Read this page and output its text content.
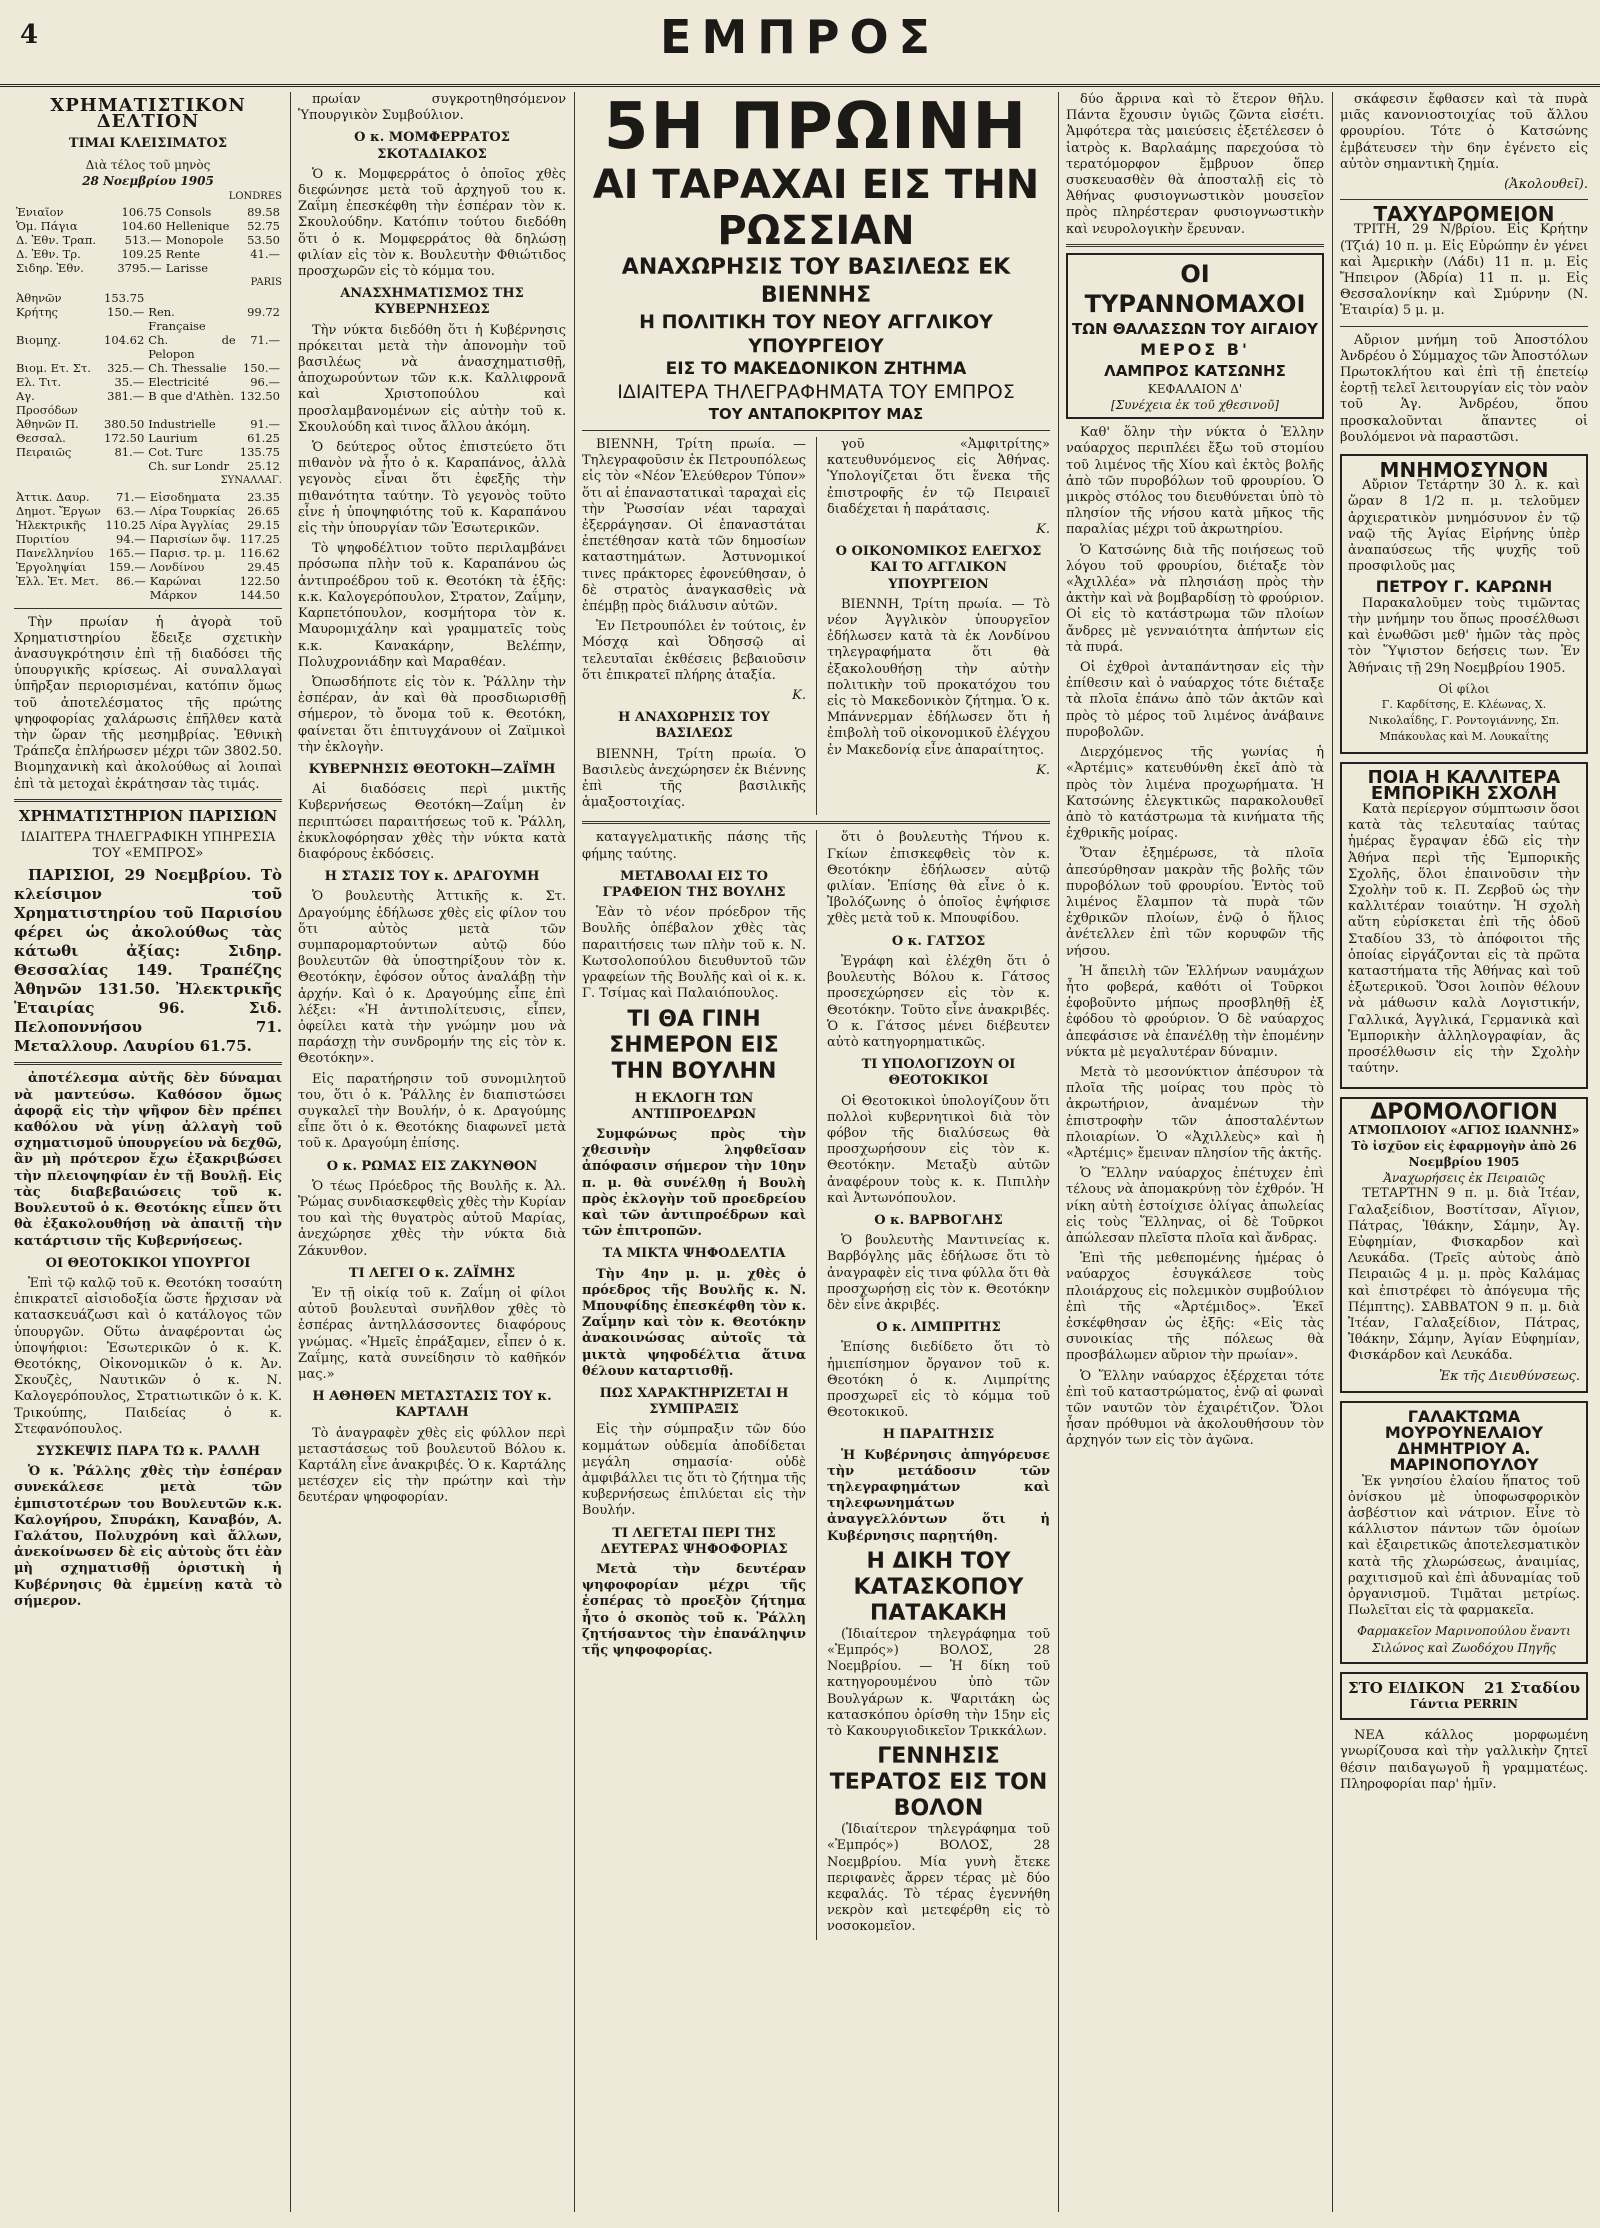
4	ΕΜΠΡΟΣ
ΧΡΗΜΑΤΙΣΤΙΚΟΝ ΔΕΛΤΙΟΝ
ΤΙΜΑΙ ΚΛΕΙΣΙΜΑΤΟΣ
Διὰ τέλος τοῦ μηνὸς
28 Νοεμβρίου 1905
LONDRES
Ἐνιαῖον	106.75	Consols	89.58
Ὁμ. Πάγια	104.60	Hellenique	52.75
Δ. Ἐθν. Τραπ.	513.—	Monopole	53.50
Δ. Ἐθν. Τρ.	109.25	Rente	41.—
Σιδηρ. Ἐθν.	3795.—	Larisse	
PARIS
Ἀθηνῶν	153.75		
Κρήτης	150.—	Ren. Française	99.72
Βιομηχ.	104.62	Ch. de Pelopon	71.—
Βιομ. Ετ. Στ.	325.—	Ch. Thessalie	150.—
Ελ. Τιτ.	35.—	Electricité	96.—
Αγ. Προσόδων	381.—	B que d'Athèn.	132.50
Ἀθηνῶν Π.	380.50	Industrielle	91.—
Θεσσαλ.	172.50	Laurium	61.25
Πειραιῶς	81.—	Cot. Turc	135.75
		Ch. sur Londr	25.12
ΣΥΝΑΛΛΑΓ.
Ἀττικ. Δαυρ.	71.—	Εἰσοδηματα	23.35
Δημοτ. Ἔργων	63.—	Λίρα Τουρκίας	26.65
Ἠλεκτρικῆς	110.25	Λίρα Ἀγγλίας	29.15
Πυριτίου	94.—	Παρισίων ὄψ.	117.25
Πανελληνίου	165.—	Παρισ. τρ. μ.	116.62
Ἐργοληψίαι	159.—	Λονδίνου	29.45
Ἐλλ. Ἐτ. Μετ.	86.—	Καρώναι	122.50
		Μάρκον	144.50

Τὴν πρωίαν ἡ ἀγορὰ τοῦ Χρηματιστηρίου ἔδειξε σχετικὴν ἀνασυγκρότησιν ἐπὶ τῇ διαδόσει τῆς ὑπουργικῆς κρίσεως. Αἱ συναλλαγαὶ ὑπῆρξαν περιορισμέναι, κατόπιν ὅμως τοῦ ἀποτελέσματος τῆς πρώτης ψηφοφορίας χαλάρωσις ἐπῆλθεν κατὰ τὴν ὥραν τῆς μεσημβρίας. Ἐθνικὴ Τράπεζα ἐπλήρωσεν μέχρι τῶν 3802.50. Βιομηχανικὴ καὶ ἀκολούθως αἱ λοιπαὶ ἐπὶ τὰ μετοχαὶ ἐκράτησαν τὰς τιμάς.

ΧΡΗΜΑΤΙΣΤΗΡΙΟΝ ΠΑΡΙΣΙΩΝ
ΙΔΙΑΙΤΕΡΑ ΤΗΛΕΓΡΑΦΙΚΗ ΥΠΗΡΕΣΙΑ ΤΟΥ «ΕΜΠΡΟΣ»

ΠΑΡΙΣΙΟΙ, 29 Νοεμβρίου. Τὸ κλείσιμον τοῦ Χρηματιστηρίου τοῦ Παρισίου φέρει ὡς ἀκολούθως τὰς κάτωθι ἀξίας: Σιδηρ. Θεσσαλίας 149. Τραπέζης Ἀθηνῶν 131.50. Ἠλεκτρικῆς Ἑταιρίας 96. Σιδ. Πελοποννήσου 71. Μεταλλουρ. Λαυρίου 61.75.

ἀποτέλεσμα αὐτῆς δὲν δύναμαι νὰ μαντεύσω. Καθόσον ὅμως ἀφορᾷ εἰς τὴν ψῆφον δὲν πρέπει καθόλου νὰ γίνῃ ἀλλαγὴ τοῦ σχηματισμοῦ ὑπουργείου νὰ δεχθῶ, ἂν μὴ πρότερον ἔχω ἐξακριβώσει τὴν πλειοψηφίαν ἐν τῇ Βουλῇ. Εἰς τὰς διαβεβαιώσεις τοῦ κ. Βουλευτοῦ ὁ κ. Θεοτόκης εἶπεν ὅτι θὰ ἐξακολουθήσῃ νὰ ἀπαιτῇ τὴν κατάρτισιν τῆς Κυβερνήσεως.

ΟΙ ΘΕΟΤΟΚΙΚΟΙ ΥΠΟΥΡΓΟΙ

Ἐπὶ τῷ καλῷ τοῦ κ. Θεοτόκη τοσαύτη ἐπικρατεῖ αἰσιοδοξία ὥστε ἤρχισαν νὰ κατασκευάζωσι καὶ ὁ κατάλογος τῶν ὑπουργῶν. Οὕτω ἀναφέρονται ὡς ὑποψήφιοι: Ἐσωτερικῶν ὁ κ. Κ. Θεοτόκης, Οἰκονομικῶν ὁ κ. Ἀν. Σκουζὲς, Ναυτικῶν ὁ κ. Ν. Καλογερόπουλος, Στρατιωτικῶν ὁ κ. Κ. Τρικούπης, Παιδείας ὁ κ. Στεφανόπουλος.

ΣΥΣΚΕΨΙΣ ΠΑΡΑ ΤΩ κ. ΡΑΛΛΗ

Ὁ κ. Ῥάλλης χθὲς τὴν ἑσπέραν συνεκάλεσε μετὰ τῶν ἐμπιστοτέρων του Βουλευτῶν κ.κ. Καλογήρου, Σπυράκη, Καναβόν, Α. Γαλάτου, Πολυχρόνη καὶ ἄλλων, ἀνεκοίνωσεν δὲ εἰς αὐτοὺς ὅτι ἐὰν μὴ σχηματισθῇ ὁριστικὴ ἡ Κυβέρνησις θὰ ἐμμείνῃ κατὰ τὸ σήμερον.

πρωίαν συγκροτηθησόμενον Ὑπουργικὸν Συμβούλιον.

Ο κ. ΜΟΜΦΕΡΡΑΤΟΣ ΣΚΟΤΑΔΙΑΚΟΣ

Ὁ κ. Μομφερράτος ὁ ὁποῖος χθὲς διεφώνησε μετὰ τοῦ ἀρχηγοῦ του κ. Ζαΐμη ἐπεσκέφθη τὴν ἑσπέραν τὸν κ. Σκουλούδην. Κατόπιν τούτου διεδόθη ὅτι ὁ κ. Μομφερράτος θὰ δηλώσῃ φιλίαν εἰς τὸν κ. Βουλευτὴν Φθιώτιδος προσχωρῶν εἰς τὸ κόμμα του.

ΑΝΑΣΧΗΜΑΤΙΣΜΟΣ ΤΗΣ ΚΥΒΕΡΝΗΣΕΩΣ

Τὴν νύκτα διεδόθη ὅτι ἡ Κυβέρνησις πρόκειται μετὰ τὴν ἀπονομὴν τοῦ βασιλέως νὰ ἀνασχηματισθῇ, ἀποχωρούντων τῶν κ.κ. Καλλιφρονᾶ καὶ Χριστοπούλου καὶ προσλαμβανομένων εἰς αὐτὴν τοῦ κ. Σκουλούδη καὶ τινος ἄλλου ἀκόμη.

Ὁ δεύτερος οὗτος ἐπιστεύετο ὅτι πιθανὸν νὰ ἦτο ὁ κ. Καραπάνος, ἀλλὰ γεγονὸς εἶναι ὅτι ἐφεξῆς τὴν πιθανότητα ταύτην. Τὸ γεγονὸς τοῦτο εἶνε ἡ ὑποψηφιότης τοῦ κ. Καραπάνου εἰς τὴν ὑπουργίαν τῶν Ἐσωτερικῶν.

Τὸ ψηφοδέλτιον τοῦτο περιλαμβάνει πρόσωπα πλὴν τοῦ κ. Καραπάνου ὡς ἀντιπροέδρου τοῦ κ. Θεοτόκη τὰ ἑξῆς: κ.κ. Καλογερόπουλον, Στρατον, Ζαΐμην, Καρπετόπουλον, κοσμήτορα τὸν κ. Μαυρομιχάλην καὶ γραμματεῖς τοὺς κ.κ. Κανακάρην, Βελέπην, Πολυχρονιάδην καὶ Μαραθέαν.

Ὀπωσδήποτε εἰς τὸν κ. Ῥάλλην τὴν ἑσπέραν, ἀν καὶ θὰ προσδιωρισθῇ σήμερον, τὸ ὄνομα τοῦ κ. Θεοτόκη, φαίνεται ὅτι ἐπιτυγχάνουν οἱ Ζαϊμικοὶ τὴν ἐκλογὴν.

ΚΥΒΕΡΝΗΣΙΣ ΘΕΟΤΟΚΗ—ΖΑΪΜΗ

Αἱ διαδόσεις περὶ μικτῆς Κυβερνήσεως Θεοτόκη—Ζαΐμη ἐν περιπτώσει παραιτήσεως τοῦ κ. Ῥάλλη, ἐκυκλοφόρησαν χθὲς τὴν νύκτα κατὰ διαφόρους ἐκδόσεις.

Η ΣΤΑΣΙΣ ΤΟΥ κ. ΔΡΑΓΟΥΜΗ

Ὁ βουλευτὴς Ἀττικῆς κ. Στ. Δραγούμης ἐδήλωσε χθὲς εἰς φίλον του ὅτι αὐτὸς μετὰ τῶν συμπαρομαρτούντων αὐτῷ δύο βουλευτῶν θὰ ὑποστηρίξουν τὸν κ. Θεοτόκην, ἐφόσον οὗτος ἀναλάβῃ τὴν ἀρχήν. Καὶ ὁ κ. Δραγούμης εἶπε ἐπὶ λέξει: «Ἡ ἀντιπολίτευσις, εἶπεν, ὀφείλει κατὰ τὴν γνώμην μου νὰ παράσχῃ τὴν συνδρομήν της εἰς τὸν κ. Θεοτόκην».

Εἰς παρατήρησιν τοῦ συνομιλητοῦ του, ὅτι ὁ κ. Ῥάλλης ἐν διαπιστώσει συγκαλεῖ τὴν Βουλήν, ὁ κ. Δραγούμης εἶπε ὅτι ὁ κ. Θεοτόκης διαφωνεῖ μετὰ τοῦ κ. Δραγούμη ἐπίσης.

Ο κ. ΡΩΜΑΣ ΕΙΣ ΖΑΚΥΝΘΟΝ

Ὁ τέως Πρόεδρος τῆς Βουλῆς κ. Ἀλ. Ῥώμας συνδιασκεφθεὶς χθὲς τὴν Κυρίαν του καὶ τὴς θυγατρὸς αὐτοῦ Μαρίας, ἀνεχώρησε χθὲς τὴν νύκτα διὰ Ζάκυνθον.

ΤΙ ΛΕΓΕΙ Ο κ. ΖΑΪΜΗΣ

Ἐν τῇ οἰκίᾳ τοῦ κ. Ζαΐμη οἱ φίλοι αὐτοῦ βουλευταὶ συνῆλθον χθὲς τὸ ἑσπέρας ἀντηλλάσσοντες διαφόρους γνώμας. «Ἡμεῖς ἐπράξαμεν, εἶπεν ὁ κ. Ζαΐμης, κατὰ συνείδησιν τὸ καθῆκόν μας.»

Η ΑΘΗΘΕΝ ΜΕΤΑΣΤΑΣΙΣ ΤΟΥ κ. ΚΑΡΤΑΛΗ

Τὸ ἀναγραφὲν χθὲς εἰς φύλλον περὶ μεταστάσεως τοῦ βουλευτοῦ Βόλου κ. Καρτάλη εἶνε ἀνακριβές. Ὁ κ. Καρτάλης μετέσχεν εἰς τὴν πρώτην καὶ τὴν δευτέραν ψηφοφορίαν.

5Η ΠΡΩΙΝΗ
ΑΙ ΤΑΡΑΧΑΙ ΕΙΣ ΤΗΝ ΡΩΣΣΙΑΝ
ΑΝΑΧΩΡΗΣΙΣ ΤΟΥ ΒΑΣΙΛΕΩΣ ΕΚ ΒΙΕΝΝΗΣ
Η ΠΟΛΙΤΙΚΗ ΤΟΥ ΝΕΟΥ ΑΓΓΛΙΚΟΥ ΥΠΟΥΡΓΕΙΟΥ
ΕΙΣ ΤΟ ΜΑΚΕΔΟΝΙΚΟΝ ΖΗΤΗΜΑ
ΙΔΙΑΙΤΕΡΑ ΤΗΛΕΓΡΑΦΗΜΑΤΑ ΤΟΥ ΕΜΠΡΟΣ
ΤΟΥ ΑΝΤΑΠΟΚΡΙΤΟΥ ΜΑΣ

ΒΙΕΝΝΗ, Τρίτη πρωία. — Τηλεγραφοῦσιν ἐκ Πετρουπόλεως εἰς τὸν «Νέον Ἐλεύθερον Τύπον» ὅτι αἱ ἐπαναστατικαὶ ταραχαὶ εἰς τὴν Ῥωσσίαν νέαι ταραχαὶ ἐξερράγησαν. Οἱ ἐπαναστάται ἐπετέθησαν κατὰ τῶν δημοσίων καταστημάτων. Ἀστυνομικοί τινες πράκτορες ἐφονεύθησαν, ὁ δὲ στρατὸς ἀναγκασθεὶς νὰ ἐπέμβῃ πρὸς διάλυσιν αὐτῶν.

Ἐν Πετρουπόλει ἐν τούτοις, ἐν Μόσχᾳ καὶ Ὀδησσῷ αἱ τελευταῖαι ἐκθέσεις βεβαιοῦσιν ὅτι ἐπικρατεῖ πλήρης ἀταξία.

Κ.
Η ΑΝΑΧΩΡΗΣΙΣ ΤΟΥ ΒΑΣΙΛΕΩΣ

ΒΙΕΝΝΗ, Τρίτη πρωία. Ὁ Βασιλεὺς ἀνεχώρησεν ἐκ Βιέννης ἐπὶ τῆς βασιλικῆς ἁμαξοστοιχίας.

γοῦ «Ἀμφιτρίτης» κατευθυνόμενος εἰς Ἀθήνας. Ὑπολογίζεται ὅτι ἕνεκα τῆς ἐπιστροφῆς ἐν τῷ Πειραιεῖ διαδέχεται ἡ παράτασις.

Κ.
Ο ΟΙΚΟΝΟΜΙΚΟΣ ΕΛΕΓΧΟΣ ΚΑΙ ΤΟ ΑΓΓΛΙΚΟΝ ΥΠΟΥΡΓΕΙΟΝ

ΒΙΕΝΝΗ, Τρίτη πρωία. — Τὸ νέον Ἀγγλικὸν ὑπουργεῖον ἐδήλωσεν κατὰ τὰ ἐκ Λονδίνου τηλεγραφήματα ὅτι θὰ ἐξακολουθήσῃ τὴν αὐτὴν πολιτικὴν τοῦ προκατόχου του εἰς τὸ Μακεδονικὸν ζήτημα. Ὁ κ. Μπάννερμαν ἐδήλωσεν ὅτι ἡ ἐπιβολὴ τοῦ οἰκονομικοῦ ἐλέγχου ἐν Μακεδονίᾳ εἶνε ἀπαραίτητος.

Κ.

καταγγελματικῆς πάσης τῆς φήμης ταύτης.

ΜΕΤΑΒΟΛΑΙ ΕΙΣ ΤΟ ΓΡΑΦΕΙΟΝ ΤΗΣ ΒΟΥΛΗΣ

Ἐὰν τὸ νέον πρόεδρον τῆς Βουλῆς ὁπέβαλον χθὲς τὰς παραιτήσεις των πλὴν τοῦ κ. Ν. Κωτσολοπούλου διευθυντοῦ τῶν γραφείων τῆς Βουλῆς καὶ οἱ κ. κ. Γ. Τσίμας καὶ Παλαιόπουλος.

ΤΙ ΘΑ ΓΙΝΗ ΣΗΜΕΡΟΝ ΕΙΣ ΤΗΝ ΒΟΥΛΗΝ
Η ΕΚΛΟΓΗ ΤΩΝ ΑΝΤΙΠΡΟΕΔΡΩΝ

Συμφώνως πρὸς τὴν χθεσινὴν ληφθεῖσαν ἀπόφασιν σήμερον τὴν 10ην π. μ. θὰ συνέλθῃ ἡ Βουλὴ πρὸς ἐκλογὴν τοῦ προεδρείου καὶ τῶν ἀντιπροέδρων καὶ τῶν ἐπιτροπῶν.

ΤΑ ΜΙΚΤΑ ΨΗΦΟΔΕΛΤΙΑ

Τὴν 4ην μ. μ. χθὲς ὁ πρόεδρος τῆς Βουλῆς κ. Ν. Μπουφίδης ἐπεσκέφθη τὸν κ. Ζαΐμην καὶ τὸν κ. Θεοτόκην ἀνακοινώσας αὐτοῖς τὰ μικτὰ ψηφοδέλτια ἅτινα θέλουν καταρτισθῇ.

ΠΩΣ ΧΑΡΑΚΤΗΡΙΖΕΤΑΙ Η ΣΥΜΠΡΑΞΙΣ

Εἰς τὴν σύμπραξιν τῶν δύο κομμάτων οὐδεμία ἀποδίδεται μεγάλη σημασία· οὐδὲ ἀμφιβάλλει τις ὅτι τὸ ζήτημα τῆς κυβερνήσεως ἐπιλύεται εἰς τὴν Βουλήν.

ΤΙ ΛΕΓΕΤΑΙ ΠΕΡΙ ΤΗΣ ΔΕΥΤΕΡΑΣ ΨΗΦΟΦΟΡΙΑΣ

Μετὰ τὴν δευτέραν ψηφοφορίαν μέχρι τῆς ἑσπέρας τὸ προεξὸν ζήτημα ἦτο ὁ σκοπὸς τοῦ κ. Ῥάλλη ζητήσαντος τὴν ἐπανάληψιν τῆς ψηφοφορίας.

ὅτι ὁ βουλευτὴς Τήνου κ. Γκίων ἐπισκεφθεὶς τὸν κ. Θεοτόκην ἐδήλωσεν αὐτῷ φιλίαν. Ἐπίσης θὰ εἶνε ὁ κ. Ἰβολόζωνης ὁ ὁποῖος ἐψήφισε χθὲς μετὰ τοῦ κ. Μπουφίδου.

Ο κ. ΓΑΤΣΟΣ

Ἐγράφη καὶ ἐλέχθη ὅτι ὁ βουλευτὴς Βόλου κ. Γάτσος προσεχώρησεν εἰς τὸν κ. Θεοτόκην. Τοῦτο εἶνε ἀνακριβές. Ὁ κ. Γάτσος μένει διέβευτεν αὐτὸ κατηγορηματικῶς.

ΤΙ ΥΠΟΛΟΓΙΖΟΥΝ ΟΙ ΘΕΟΤΟΚΙΚΟΙ

Οἱ Θεοτοκικοὶ ὑπολογίζουν ὅτι πολλοὶ κυβερνητικοὶ διὰ τὸν φόβον τῆς διαλύσεως θὰ προσχωρήσουν εἰς τὸν κ. Θεοτόκην. Μεταξὺ αὐτῶν ἀναφέρουν τοὺς κ. κ. Πιπιλὴν καὶ Ἀντωνόπουλον.

Ο κ. ΒΑΡΒΟΓΛΗΣ

Ὁ βουλευτὴς Μαντινείας κ. Βαρβόγλης μᾶς ἐδήλωσε ὅτι τὸ ἀναγραφὲν εἰς τινα φύλλα ὅτι θὰ προσχωρήσῃ εἰς τὸν κ. Θεοτόκην δὲν εἶνε ἀκριβές.

Ο κ. ΛΙΜΠΡΙΤΗΣ

Ἐπίσης διεδίδετο ὅτι τὸ ἡμιεπίσημον ὄργανον τοῦ κ. Θεοτόκη ὁ κ. Λιμπρίτης προσχωρεῖ εἰς τὸ κόμμα τοῦ Θεοτοκικοῦ.

Η ΠΑΡΑΙΤΗΣΙΣ

Ἡ Κυβέρνησις ἀπηγόρευσε τὴν μετάδοσιν τῶν τηλεγραφημάτων καὶ τηλεφωνημάτων ἀναγγελλόντων ὅτι ἡ Κυβέρνησις παρῃτήθη.

Η ΔΙΚΗ ΤΟΥ ΚΑΤΑΣΚΟΠΟΥ ΠΑΤΑΚΑΚΗ

(Ἰδιαίτερον τηλεγράφημα τοῦ «Ἐμπρός») ΒΟΛΟΣ, 28 Νοεμβρίου. — Ἡ δίκη τοῦ κατηγορουμένου ὑπὸ τῶν Βουλγάρων κ. Ψαριτάκη ὡς κατασκόπου ὁρίσθη τὴν 15ην εἰς τὸ Κακουργιοδικεῖον Τρικκάλων.

ΓΕΝΝΗΣΙΣ ΤΕΡΑΤΟΣ ΕΙΣ ΤΟΝ ΒΟΛΟΝ

(Ἰδιαίτερον τηλεγράφημα τοῦ «Ἐμπρός») ΒΟΛΟΣ, 28 Νοεμβρίου. Μία γυνὴ ἔτεκε περιφανὲς ἄρρεν τέρας μὲ δύο κεφαλάς. Τὸ τέρας ἐγεννήθη νεκρὸν καὶ μετεφέρθη εἰς τὸ νοσοκομεῖον.

δύο ἄρρινα καὶ τὸ ἕτερον θῆλυ. Πάντα ἔχουσιν ὑγιῶς ζῶντα εἰσέτι. Ἀμφότερα τὰς μαιεύσεις ἐξετέλεσεν ὁ ἰατρὸς κ. Βαρλαάμης παρεχούσα τὸ τερατόμορφον ἔμβρυον ὅπερ συσκευασθὲν θὰ ἀποσταλῇ εἰς τὸ Ἀθήνας φυσιογνωστικὸν μουσεῖον πρὸς πληρέστεραν φυσιογνωστικὴν καὶ νευρολογικὴν ἔρευναν.

ΟΙ ΤΥΡΑΝΝΟΜΑΧΟΙ
ΤΩΝ ΘΑΛΑΣΣΩΝ ΤΟΥ ΑΙΓΑΙΟΥ
ΜΕΡΟΣ Β'
ΛΑΜΠΡΟΣ ΚΑΤΣΩΝΗΣ
ΚΕΦΑΛΑΙΟΝ Δ'
[Συνέχεια ἐκ τοῦ χθεσινοῦ]

Καθ' ὅλην τὴν νύκτα ὁ Ἑλλην ναύαρχος περιπλέει ἔξω τοῦ στομίου τοῦ λιμένος τῆς Χίου καὶ ἐκτὸς βολῆς ἀπὸ τῶν πυροβόλων τοῦ φρουρίου. Ὁ μικρὸς στόλος του διευθύνεται ὑπὸ τὸ πλησίον τῆς νήσου κατὰ μῆκος τῆς παραλίας μέχρι τοῦ ἀκρωτηρίου.

Ὁ Κατσώνης διὰ τῆς ποιήσεως τοῦ λόγου τοῦ φρουρίου, διέταξε τὸν «Ἀχιλλέα» νὰ πλησιάσῃ πρὸς τὴν ἀκτὴν καὶ νὰ βομβαρδίσῃ τὸ φρούριον. Οἱ εἰς τὸ κατάστρωμα τῶν πλοίων ἄνδρες μὲ γενναιότητα ἀπήντων εἰς τὰ πυρά.

Οἱ ἐχθροὶ ἀνταπάντησαν εἰς τὴν ἐπίθεσιν καὶ ὁ ναύαρχος τότε διέταξε τὰ πλοῖα ἐπάνω ἀπὸ τῶν ἀκτῶν καὶ πρὸς τὸ μέρος τοῦ λιμένος ἀνάβαινε πυροβολῶν.

Διερχόμενος τῆς γωνίας ἡ «Ἀρτέμις» κατευθύνθη ἐκεῖ ἀπὸ τὰ πρὸς τὸν λιμένα προχωρήματα. Ἡ Κατσώνης ἐλεγκτικῶς παρακολουθεῖ ἀπὸ τὸ κατάστρωμα τὰ κινήματα τῆς ἐχθρικῆς μοίρας.

Ὅταν ἐξημέρωσε, τὰ πλοῖα ἀπεσύρθησαν μακρὰν τῆς βολῆς τῶν πυροβόλων τοῦ φρουρίου. Ἐντὸς τοῦ λιμένος ἔλαμπον τὰ πυρὰ τῶν ἐχθρικῶν πλοίων, ἐνῷ ὁ ἥλιος ἀνέτελλεν ἐπὶ τῶν κορυφῶν τῆς νήσου.

Ἡ ἄπειλὴ τῶν Ἑλλήνων ναυμάχων ἦτο φοβερά, καθότι οἱ Τοῦρκοι ἐφοβοῦντο μήπως προσβληθῇ ἐξ ἐφόδου τὸ φρούριον. Ὁ δὲ ναύαρχος ἀπεφάσισε νὰ ἐπανέλθῃ τὴν ἑπομένην νύκτα μὲ μεγαλυτέραν δύναμιν.

Μετὰ τὸ μεσονύκτιον ἀπέσυρον τὰ πλοῖα τῆς μοίρας του πρὸς τὸ ἀκρωτήριον, ἀναμένων τὴν ἐπιστροφὴν τῶν ἀποσταλέντων πλοιαρίων. Ὁ «Ἀχιλλεὺς» καὶ ἡ «Ἀρτέμις» ἔμειναν πλησίον τῆς ἀκτῆς.

Ὁ Ἕλλην ναύαρχος ἐπέτυχεν ἐπὶ τέλους νὰ ἀπομακρύνῃ τὸν ἐχθρόν. Ἡ νίκη αὐτὴ ἐστοίχισε ὀλίγας ἀπωλείας εἰς τοὺς Ἕλληνας, οἱ δὲ Τοῦρκοι ἀπώλεσαν πλεῖστα πλοῖα καὶ ἄνδρας.

Ἐπὶ τῆς μεθεπομένης ἡμέρας ὁ ναύαρχος ἐσυγκάλεσε τοὺς πλοιάρχους εἰς πολεμικὸν συμβούλιον ἐπὶ τῆς «Ἀρτέμιδος». Ἐκεῖ ἐσκέφθησαν ὡς ἑξῆς: «Εἰς τὰς συνοικίας τῆς πόλεως θὰ προσβάλωμεν αὔριον τὴν πρωίαν».

Ὁ Ἕλλην ναύαρχος ἐξέρχεται τότε ἐπὶ τοῦ καταστρώματος, ἐνῷ αἱ φωναὶ τῶν ναυτῶν τὸν ἐχαιρέτιζον. Ὅλοι ἦσαν πρόθυμοι νὰ ἀκολουθήσουν τὸν ἀρχηγόν των εἰς τὸν ἀγῶνα.

σκάφεσιν ἔφθασεν καὶ τὰ πυρὰ μιᾶς κανονιοστοιχίας τοῦ ἄλλου φρουρίου. Τότε ὁ Κατσώνης ἐμβάτευσεν τὴν 6ην ἐγένετο εἰς αὐτὸν σημαντικὴ ζημία.

(Ἀκολουθεῖ).
ΤΑΧΥΔΡΟΜΕΙΟΝ

ΤΡΙΤΗ, 29 Ν/βρίου. Εἰς Κρήτην (Τζιά) 10 π. μ. Εἰς Εὐρώπην ἐν γένει καὶ Ἀμερικὴν (Λάδι) 11 π. μ. Εἰς Ἤπειρον (Ἀδρία) 11 π. μ. Εἰς Θεσσαλονίκην καὶ Σμύρνην (Ν. Ἐταιρία) 5 μ. μ.

Αὔριον μνήμη τοῦ Ἀποστόλου Ἀνδρέου ὁ Σύμμαχος τῶν Ἀποστόλων Πρωτοκλήτου καὶ ἐπὶ τῇ ἐπετείῳ ἑορτῇ τελεῖ λειτουργίαν εἰς τὸν ναὸν τοῦ Ἁγ. Ἀνδρέου, ὅπου προσκαλοῦνται ἅπαντες οἱ βουλόμενοι νὰ παραστῶσι.

ΜΝΗΜΟΣΥΝΟΝ

Αὔριον Τετάρτην 30 λ. κ. καὶ ὥραν 8 1/2 π. μ. τελοῦμεν ἀρχιερατικὸν μνημόσυνον ἐν τῷ ναῷ τῆς Ἁγίας Εἰρήνης ὑπὲρ ἀναπαύσεως τῆς ψυχῆς τοῦ προσφιλοῦς μας

ΠΕΤΡΟΥ Γ. ΚΑΡΩΝΗ

Παρακαλοῦμεν τοὺς τιμῶντας τὴν μνήμην του ὅπως προσέλθωσι καὶ ἑνωθῶσι μεθ' ἡμῶν τὰς πρὸς τὸν Ὕψιστον δεήσεις των. Ἐν Ἀθήναις τῇ 29η Νοεμβρίου 1905.

Οἱ φίλοι
Γ. Καρδίτσης, Ε. Κλέωνας, Χ. Νικολαΐδης, Γ. Ροντογιάννης, Σπ. Μπάκουλας καὶ Μ. Λουκαΐτης
ΠΟΙΑ Η ΚΑΛΛΙΤΕΡΑ ΕΜΠΟΡΙΚΗ ΣΧΟΛΗ

Κατὰ περίεργον σύμπτωσιν ὅσοι κατὰ τὰς τελευταίας ταύτας ἡμέρας ἔγραψαν ἐδῶ εἰς τὴν Ἀθήνα περὶ τῆς Ἐμπορικῆς Σχολῆς, ὅλοι ἐπαινοῦσιν τὴν Σχολὴν τοῦ κ. Π. Ζερβοῦ ὡς τὴν καλλιτέραν τοιαύτην. Ἡ σχολὴ αὕτη εὐρίσκεται ἐπὶ τῆς ὁδοῦ Σταδίου 33, τὸ ἀπόφοιτοι τῆς ὁποίας εἰργάζονται εἰς τὰ πρῶτα καταστήματα τῆς Ἀθήνας καὶ τοῦ ἐξωτερικοῦ. Ὅσοι λοιπὸν θέλουν νὰ μάθωσιν καλὰ Λογιστικήν, Γαλλικά, Ἀγγλικά, Γερμανικὰ καὶ Ἐμπορικὴν ἀλληλογραφίαν, ἂς προσέλθωσιν εἰς τὴν Σχολὴν ταύτην.

ΔΡΟΜΟΛΟΓΙΟΝ
ΑΤΜΟΠΛΟΙΟΥ «ΑΓΙΟΣ ΙΩΑΝΝΗΣ»
Τὸ ἰσχῦον εἰς ἐφαρμογὴν ἀπὸ 26 Νοεμβρίου 1905
Ἀναχωρήσεις ἐκ Πειραιῶς

ΤΕΤΑΡΤΗΝ 9 π. μ. διὰ Ἰτέαν, Γαλαξείδιον, Βοστίτσαν, Αἴγιον, Πάτρας, Ἰθάκην, Σάμην, Ἀγ. Εὐφημίαν, Φισκαρδον καὶ Λευκάδα. (Τρεῖς αὐτοὺς ἀπὸ Πειραιῶς 4 μ. μ. πρὸς Καλάμας καὶ ἐπιστρέφει τὸ ἀπόγευμα τῆς Πέμπτης). ΣΑΒΒΑΤΟΝ 9 π. μ. διὰ Ἰτέαν, Γαλαξείδιον, Πάτρας, Ἰθάκην, Σάμην, Ἀγίαν Εὐφημίαν, Φισκάρδον καὶ Λευκάδα.

Ἐκ τῆς Διευθύνσεως.
ΓΑΛΑΚΤΩΜΑ ΜΟΥΡΟΥΝΕΛΑΙΟΥ ΔΗΜΗΤΡΙΟΥ Α. ΜΑΡΙΝΟΠΟΥΛΟΥ

Ἐκ γνησίου ἐλαίου ἥπατος τοῦ ὀνίσκου μὲ ὑποφωσφορικὸν ἀσβέστιον καὶ νάτριον. Εἶνε τὸ κάλλιστον πάντων τῶν ὁμοίων καὶ ἐξαιρετικῶς ἀποτελεσματικὸν κατὰ τῆς χλωρώσεως, ἀναιμίας, ραχιτισμοῦ καὶ ἐπὶ ἀδυναμίας τοῦ ὀργανισμοῦ. Τιμᾶται μετρίως. Πωλεῖται εἰς τὰ φαρμακεῖα.

Φαρμακεῖον Μαρινοπούλου ἔναντι Σιλώνος καὶ Ζωοδόχου Πηγῆς
ΣΤΟ ΕΙΔΙΚΟΝ 21 Σταδίου
Γάντια PERRIN

ΝΕΑ κάλλος μορφωμένη γνωρίζουσα καὶ τὴν γαλλικὴν ζητεῖ θέσιν παιδαγωγοῦ ἢ γραμματέως. Πληροφορίαι παρ' ἡμῖν.
